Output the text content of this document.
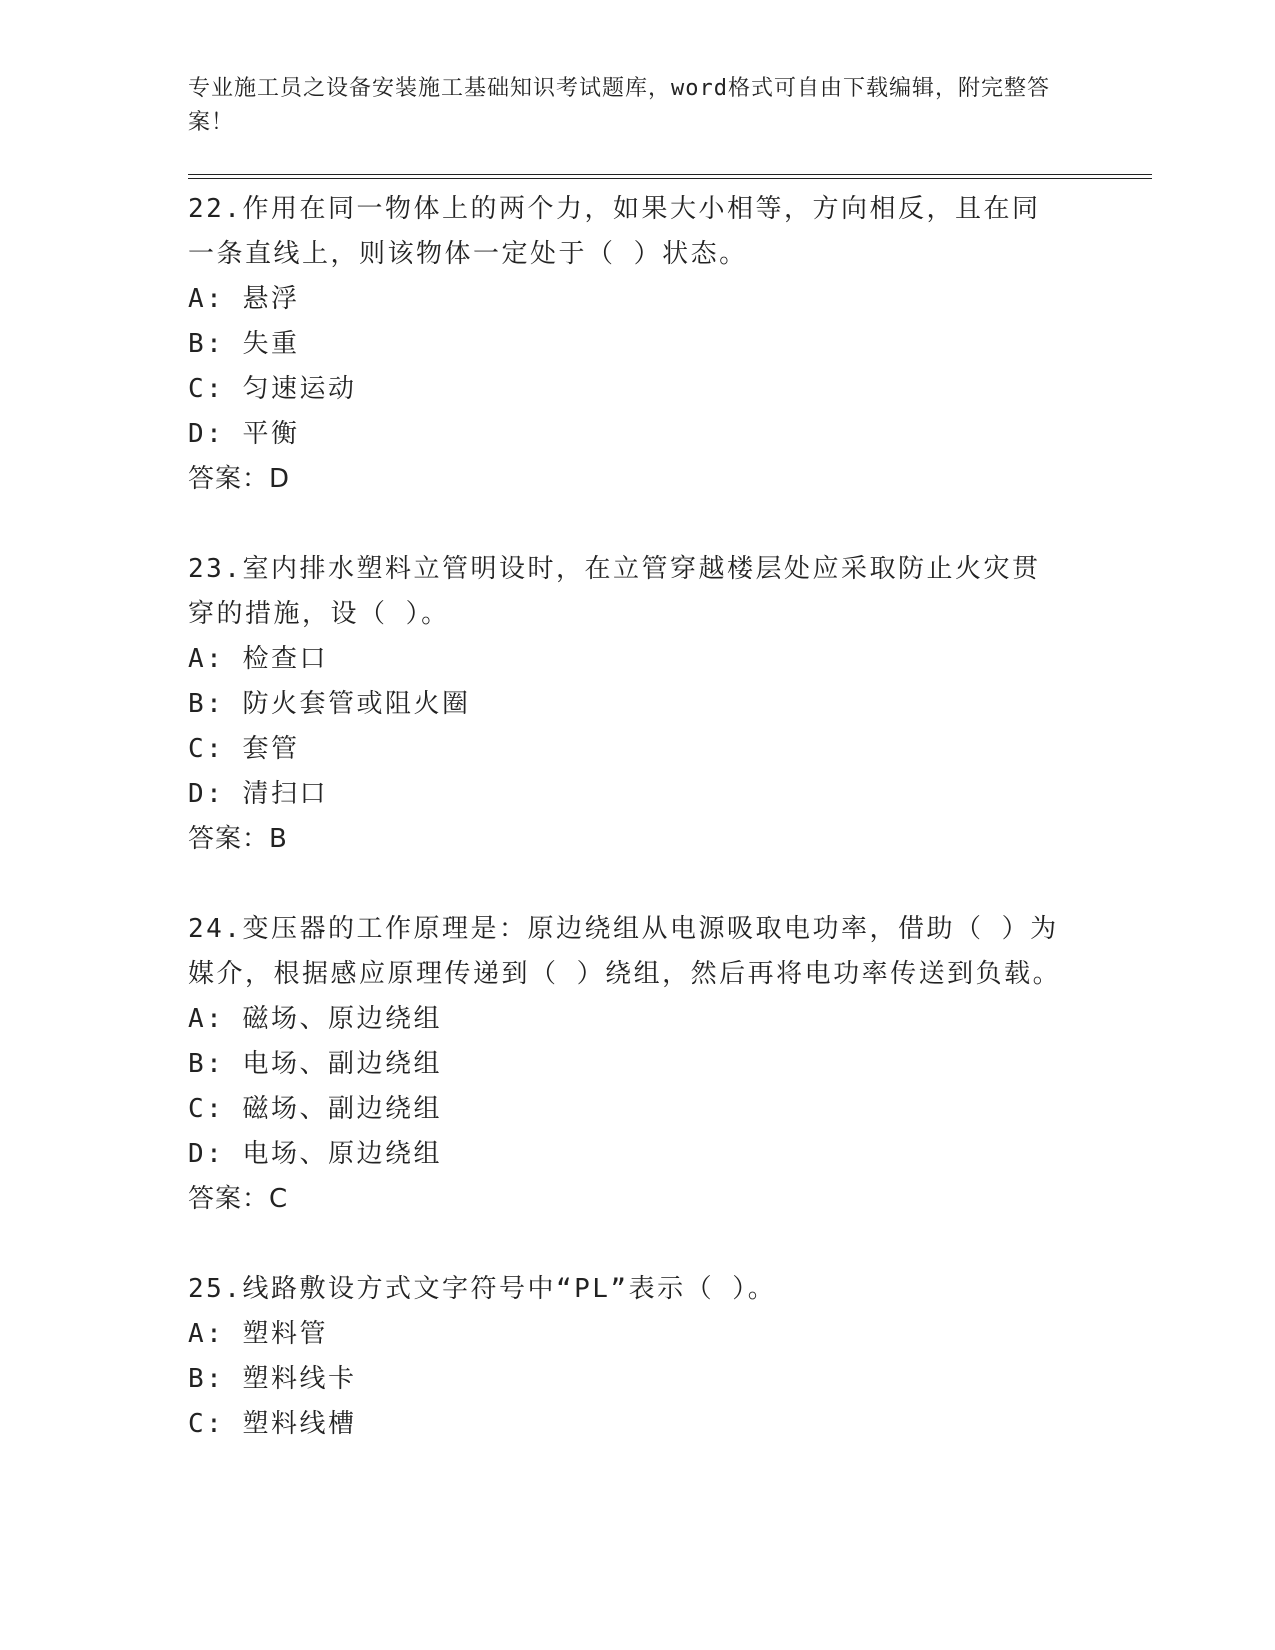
专业施工员之设备安装施工基础知识考试题库，word格式可自由下载编辑，附完整答案！
22.作用在同一物体上的两个力，如果大小相等，方向相反，且在同一条直线上，则该物体一定处于（ ）状态。
A: 悬浮
B: 失重
C: 匀速运动
D: 平衡
答案：D
23.室内排水塑料立管明设时，在立管穿越楼层处应采取防止火灾贯穿的措施，设（ ）。
A: 检查口
B: 防火套管或阻火圈
C: 套管
D: 清扫口
答案：B
24.变压器的工作原理是：原边绕组从电源吸取电功率，借助（ ）为媒介，根据感应原理传递到（ ）绕组，然后再将电功率传送到负载。
A: 磁场、原边绕组
B: 电场、副边绕组
C: 磁场、副边绕组
D: 电场、原边绕组
答案：C
25.线路敷设方式文字符号中“PL”表示（ ）。
A: 塑料管
B: 塑料线卡
C: 塑料线槽
